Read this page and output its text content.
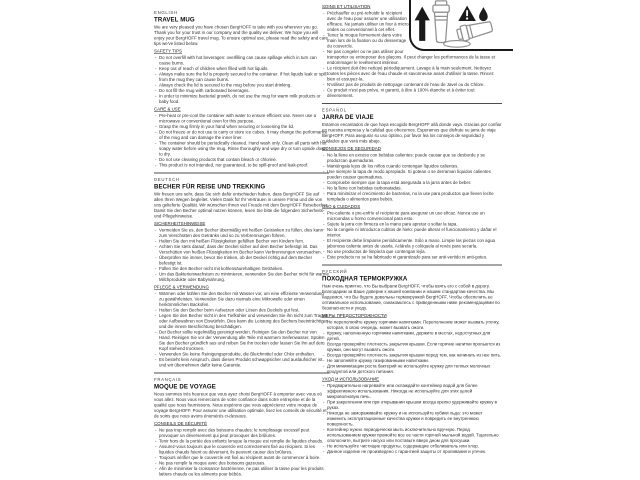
ENGLISH
TRAVEL MUG

We are very pleased you have chosen BergHOFF to take with you wherever you go. Thank you for your trust in our company and the quality we deliver. We hope you will enjoy your BergHOFF travel mug. To ensure optimal use, please read the safety and care tips we've listed below.

SAFETY TIPS
- Do not overfill with hot beverages: overfilling can cause spillage which in turn can cause burns.
- Keep out of reach of children when filled with hot liquids.
- Always make sure the lid is properly secured to the container. If hot liquids leak or spill from the mug they can cause burns.
- Always check the lid is secured to the mug before you start drinking.
- Do not fill the mug with carbonated beverages.
- In order to minimize bacterial growth, do not use the mug for warm milk products or baby food.
CARE & USE
- Pre-heat or pre-cool the container with water to ensure efficient use. Never use a microwave or conventional oven for this purpose.
- Grasp the mug firmly in your hand when securing or loosening the lid.
- Do not freeze or do not use to carry or store ice cubes. It may change the performance of the mug and can damage the inner liner.
- The container should be periodically cleaned. Hand wash only. Clean all parts with hot soapy water before using the mug. Rinse thoroughly and wipe dry or turn upside down to dry.
- Do not use cleaning products that contain bleach or chlorine.
- This product is not intended, nor guaranteed, to be spill-proof and leak-proof.
DEUTSCH
BECHER FÜR REISE UND TREKKING

Wir freuen uns sehr, dass Sie sich dafür entschieden haben, dass BergHOFF Sie auf allen Ihren Wegen begleitet. Vielen Dank für Ihr Vertrauen in unsere Firma und die von uns gelieferte Qualität. Wir wünschen Ihnen viel Freude mit dem BergHOFF Reisebecher. Damit Sie den Becher optimal nutzen können, lesen Sie bitte die folgenden Sicherheits- und Pflegehinweise.

SICHERHEITSHINWEISE
- Vermeiden Sie es, den Becher übermäßig mit heißen Getränken zu füllen, dies kann zum Verschütten des Getränks und so zu Verbrennungen führen.
- Halten Sie den mit heißen Flüssigkeiten gefüllten Becher von Kindern fern.
- Achten Sie stets darauf, dass der Deckel sicher auf dem Becher befestigt ist. Das Verschütten von heißen Flüssigkeiten im Becher kann Verbrennungen verursachen.
- Überprüfen Sie immer, bevor Sie trinken, ob der Deckel richtig auf dem Becher befestigt ist.
- Füllen Sie den Becher nicht mit kohlensäurehaltigen Getränken.
- Um das Bakterienwachstum zu minimieren, verwenden Sie den Becher nicht für warme Milchprodukte oder Babynahrung.
PFLEGE & VERWENDUNG
- Wärmen oder kühlen Sie den Becher mit Wasser vor, um eine effiziente Verwendung zu gewährleisten. Verwenden Sie dazu niemals eine Mikrowelle oder einen herkömmlichen Backofen.
- Halten Sie den Becher beim Aufsetzen oder Lösen des Deckels gut fest.
- Legen Sie den Becher nicht in den Tiefkühler und verwenden Sie ihn nicht zum Tragen oder Aufbewahren von Eiswürfeln. Dies kann die Leistung des Bechers beeinträchtigen und die innere Beschichtung beschädigen.
- Der Becher sollte regelmäßig gereinigt werden. Reinigen Sie den Becher nur von Hand. Reinigen Sie vor der Verwendung alle Teile mit warmem Seifenwasser. Spülen Sie den Becher gründlich aus und reiben Sie ihn trocken oder lassen Sie ihn auf dem Kopf stehend trocknen.
- Verwenden Sie keine Reinigungsprodukte, die Bleichmittel oder Chlor enthalten.
- Es besteht kein Anspruch, dass dieses Produkt schwappsicher und auslaufsicher ist und wir übernehmen dafür keine Garantie.
FRANÇAIS
MOQUE DE VOYAGE

Nous sommes très heureux que vous ayez choisi BergHOFF à emporter avec vous où vous allez. Nous vous remercions de votre confiance dans notre entreprise et de la qualité que nous fournissons. Nous espérons que vous apprécierez votre moque de voyage BergHOFF. Pour assurer une utilisation optimale, lisez les conseils de sécurité et de soins que nous avons énumérés ci-dessous.

CONSEILS DE SÉCURITÉ
- Ne pas trop remplir avec des boissons chaudes: le remplissage excessif peut provoquer un déversement qui peut provoquer des brûlures.
- Tenir hors de la portée des enfants lorsque la moque est remplie de liquides chauds.
- Assurez-vous toujours que le couvercle est correctement fixé au récipient. Si les liquides chauds fuient ou déversent, ils peuvent causer des brûlures.
- Toujours vérifier que le couvercle est fixé au récipient avant de commencer à boire.
- Ne pas remplir la moque avec des boissons gazeuses.
- Afin de minimiser la croissance bactérienne, ne pas utiliser la tasse pour les produits laitiers chauds ou les aliments pour bébés.
SOINS ET UTILISATION
- Préchauffer ou pré-refroidir le récipient avec de l'eau pour assurer une utilisation efficace. Ne jamais utiliser un four à micro-ondes ou conventionnel à cet effet.
- Tenez la moque fermement dans votre main lors de la fixation ou du desserrage du couvercle.
- Ne pas congeler ou ne pas utiliser pour transporter ou entreposer des glaçons. Il peut changer les performances de la tasse et endommager le revêtement intérieur.
- Le récipient doit être nettoyé périodiquement. Lavage à la main seulement. Nettoyez toutes les pièces avec de l'eau chaude et savonneuse avant d'utiliser la tasse. Rincez bien et essuyez-la.
- N'utilisez pas de produits de nettoyage contenant de l'eau de Javel ou du Chlore.
- Ce produit n'est pas prévu, ni garanti, à être à 100% étanche et à éviter tout déversement.
ESPAÑOL
JARRA DE VIAJE

Estamos encantados de que haya escogido BergHOFF allá donde vaya. Gracias por confiar en nuestra empresa y la calidad que ofrecemos. Esperamos que disfrute su jarra de viaje BergHOFF. Para asegurar su uso óptimo, por favor lea los consejos de seguridad y cuidados que verá más abajo.

CONSEJOS DE SEGURIDAD
- No la llene en exceso con bebidas calientes: puede causar que se desborde y se produzcan quemaduras.
- Manténgala lejos de los niños cuando contengan líquidos calientes.
- Use siempre la tapa de modo apropiado. Si gotean o se derraman líquidos calientes pueden causar quemaduras.
- Compruebe siempre que la tapa está asegurada a la jarra antes de beber.
- No la llene con bebidas carbonatadas.
- Para minimizar el crecimiento de bacterias, no la use para productos que lleven leche templada o alimentos para bebés.
USO & CUIDADOS
- Pre-caliente o pre-enfríe el recipiente para asegurar un uso eficaz. Nunca use un microondas u horno convencional para esto.
- Sujete la jarra con firmeza en la mano para apretar o soltar la tapa.
- No la congele ni introduzca cubitos de hielo: puede alterar el funcionamiento y dañar el interior.
- El recipiente debe limpiarse periódicamente. Sólo a mano. Limpie las piezas con agua jabonosa caliente antes de usarla. Aclárela y colóquela al revés para secarla.
- No use productos de limpieza que contengan lejía.
- Este producto no se ha fabricado ni garantizado para ser anti-vertido ni anti-goteo.
РУССКИЙ
ПОХОДНАЯ ТЕРМОКРУЖКА

Нам очень приятно, что Вы выбрали BergHOFF, чтобы взять его с собой в дорогу. Благодарим за Ваше доверие к нашей компании и нашим стандартам качества. Мы надеемся, что Вы будете довольны термокружкой BergHOFF. Чтобы обеспечить ее оптимальное использование, ознакомьтесь с приведенными ниже рекомендациями по безопасности и уходу.

МЕРЫ ПРЕДОСТОРОЖНОСТИ
- Не переполняйте кружку горячими напитками. Переполнение может вызвать утечку, которая, в свою очередь, может вызвать ожоги.
- Кружку, наполненную горячими напитками, держите в местах, недоступных для детей.
- Всегда проверяйте плотность закрытия крышки. Если горячие напитки прольются из кружки, они могут вызвать ожоги.
- Всегда проверяйте плотность закрытия крышки перед тем, как начинать из нее пить.
- Не заполняйте кружку газированными напитками.
- Для минимизации роста бактерий не используйте кружку для теплых молочных продуктов или детского питания.
УХОД И ИСПОЛЬЗОВАНИЕ
- Предварительно нагревайте или охлаждайте контейнер водой для более эффективного использования. Никогда не используйте для этих целей микроволновую печь.
- При закреплении или при открывании крышки всегда крепко удерживайте кружку в руках.
- Никогда не замораживайте кружку и не используйте кубики льда: это может изменить эксплуатационные качества кружки и повредить ее внутреннюю поверхность.
- Контейнер нужно периодически мыть исключительно вручную. Перед использованием кружки промойте все ее части горячей мыльной водой. Тщательно ополосните, вытрите насухо или поставьте вверх дном для просушки.
- Не используйте чистящие продукты, содержащие отбеливатель или хлор.
- Данное изделие не произведено с гарантией защиты от проливания и утечек.
